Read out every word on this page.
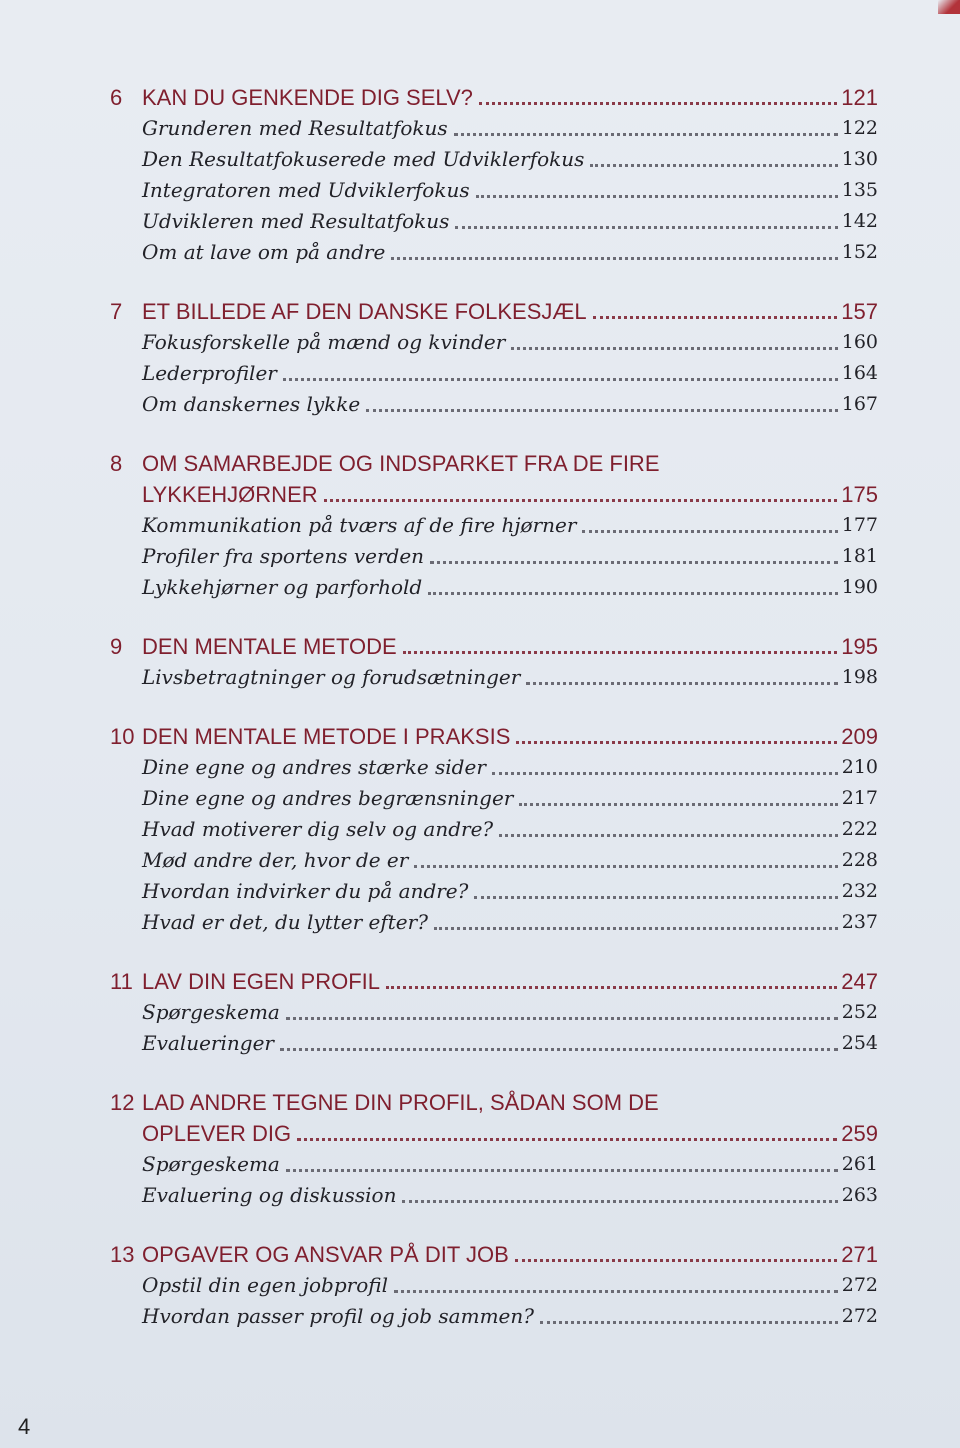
6 KAN DU GENKENDE DIG SELV?	121
Grunderen med Resultatfokus	122
Den Resultatfokuserede med Udviklerfokus	130
Integratoren med Udviklerfokus	135
Udvikleren med Resultatfokus	142
Om at lave om på andre	152
7 ET BILLEDE AF DEN DANSKE FOLKESJÆL	157
Fokusforskelle på mænd og kvinder	160
Lederprofiler	164
Om danskernes lykke	167
8 OM SAMARBEJDE OG INDSPARKET FRA DE FIRE
LYKKEHJØRNER	175
Kommunikation på tværs af de fire hjørner	177
Profiler fra sportens verden	181
Lykkehjørner og parforhold	190
9 DEN MENTALE METODE	195
Livsbetragtninger og forudsætninger	198
10 DEN MENTALE METODE I PRAKSIS	209
Dine egne og andres stærke sider	210
Dine egne og andres begrænsninger	217
Hvad motiverer dig selv og andre?	222
Mød andre der, hvor de er	228
Hvordan indvirker du på andre?	232
Hvad er det, du lytter efter?	237
11 LAV DIN EGEN PROFIL	247
Spørgeskema	252
Evalueringer	254
12 LAD ANDRE TEGNE DIN PROFIL, SÅDAN SOM DE
OPLEVER DIG	259
Spørgeskema	261
Evaluering og diskussion	263
13 OPGAVER OG ANSVAR PÅ DIT JOB	271
Opstil din egen jobprofil	272
Hvordan passer profil og job sammen?	272
4
